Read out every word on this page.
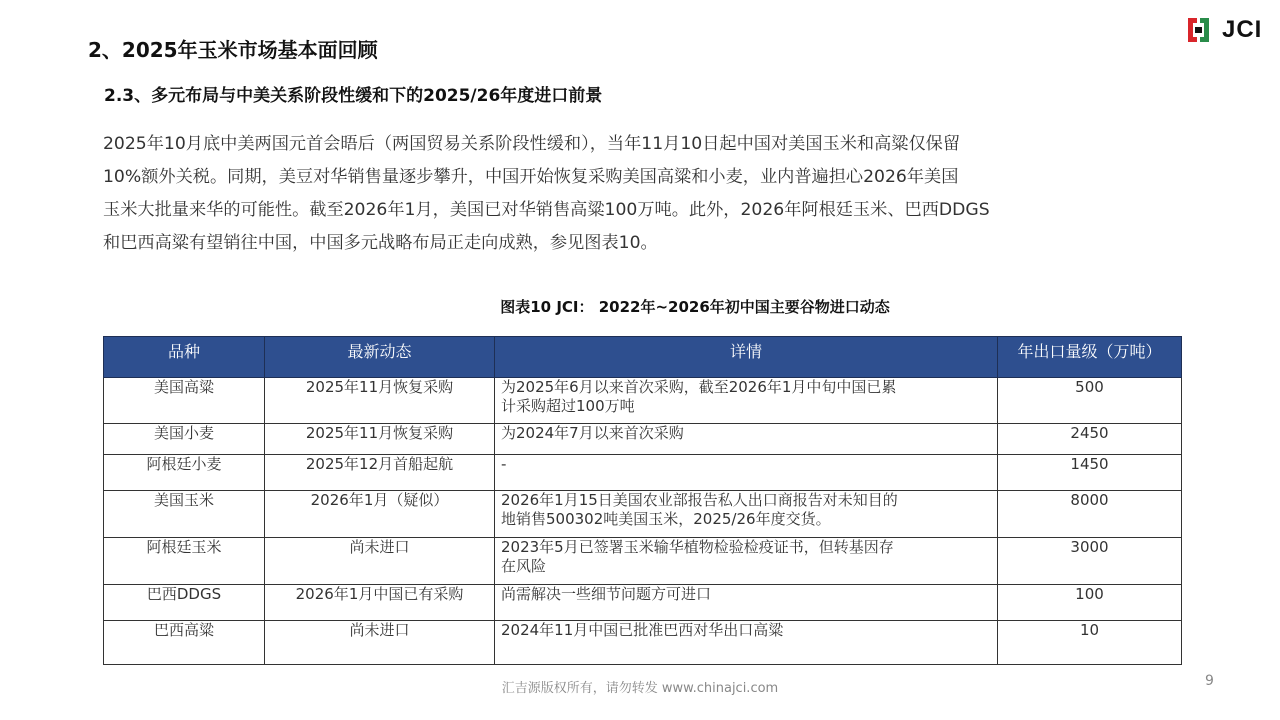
2、2025年玉米市场基本面回顾
2.3、多元布局与中美关系阶段性缓和下的2025/26年度进口前景
JCI
2025年10月底中美两国元首会晤后（两国贸易关系阶段性缓和），当年11月10日起中国对美国玉米和高粱仅保留
10%额外关税。同期，美豆对华销售量逐步攀升，中国开始恢复采购美国高粱和小麦，业内普遍担心2026年美国
玉米大批量来华的可能性。截至2026年1月，美国已对华销售高粱100万吨。此外，2026年阿根廷玉米、巴西DDGS
和巴西高粱有望销往中国，中国多元战略布局正走向成熟，参见图表10。
图表10 JCI： 2022年~2026年初中国主要谷物进口动态
品种	最新动态	详情	年出口量级（万吨）
美国高粱	2025年11月恢复采购	为2025年6月以来首次采购，截至2026年1月中旬中国已累
计采购超过100万吨	500
美国小麦	2025年11月恢复采购	为2024年7月以来首次采购	2450
阿根廷小麦	2025年12月首船起航	-	1450
美国玉米	2026年1月（疑似）	2026年1月15日美国农业部报告私人出口商报告对未知目的
地销售500302吨美国玉米，2025/26年度交货。	8000
阿根廷玉米	尚未进口	2023年5月已签署玉米输华植物检验检疫证书，但转基因存
在风险	3000
巴西DDGS	2026年1月中国已有采购	尚需解决一些细节问题方可进口	100
巴西高粱	尚未进口	2024年11月中国已批准巴西对华出口高粱	10
汇吉源版权所有，请勿转发 www.chinajci.com	9
